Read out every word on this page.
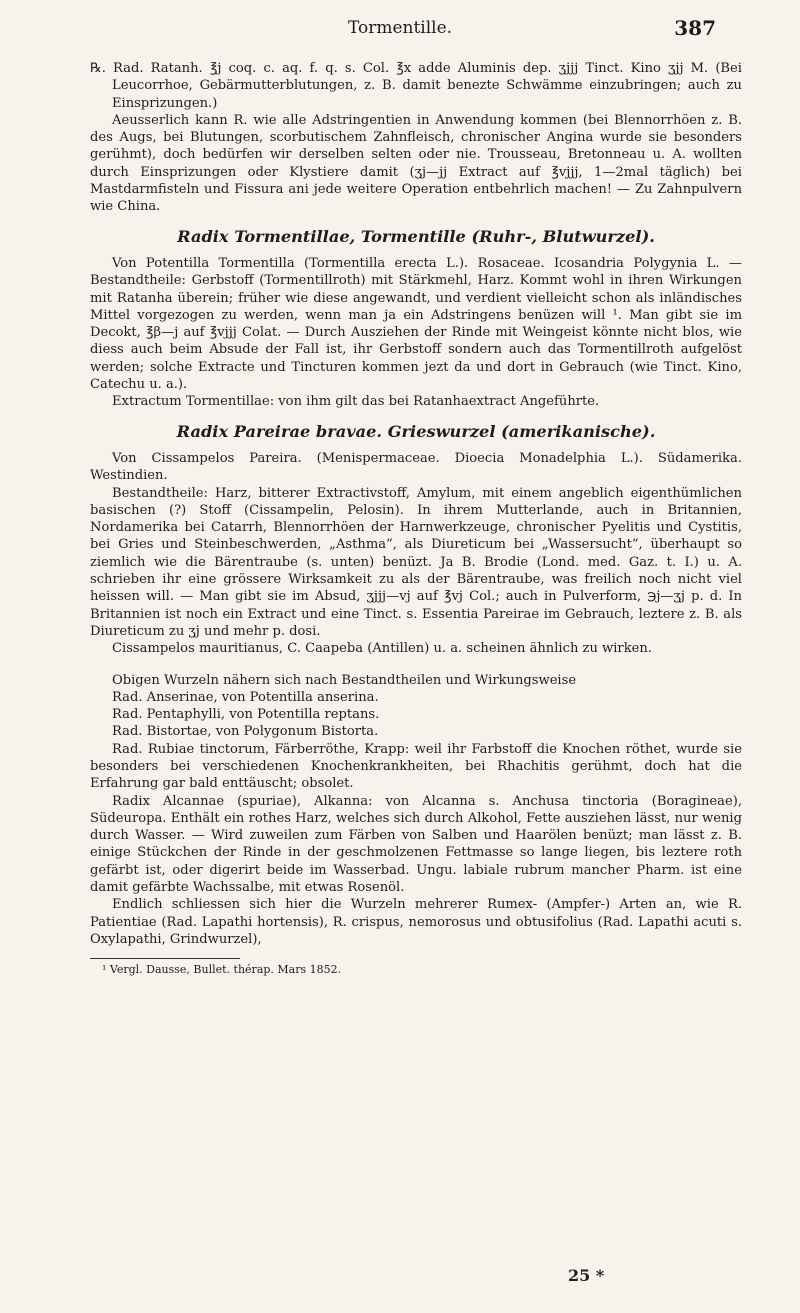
Tormentille.	387

℞. Rad. Ratanh. ℥j coq. c. aq. f. q. s. Col. ℥x adde Aluminis dep. ʒjjj Tinct. Kino ʒjj M. (Bei Leucorrhoe, Gebärmutterblutungen, z. B. damit benezte Schwämme einzubringen; auch zu Einsprizungen.)

Aeusserlich kann R. wie alle Adstringentien in Anwendung kommen (bei Blennorrhöen z. B. des Augs, bei Blutungen, scorbutischem Zahnfleisch, chronischer Angina wurde sie besonders gerühmt), doch bedürfen wir derselben selten oder nie. Trousseau, Bretonneau u. A. wollten durch Einsprizungen oder Klystiere damit (ʒj—jj Extract auf ℥vjjj, 1—2mal täglich) bei Mastdarmfisteln und Fissura ani jede weitere Operation entbehrlich machen! — Zu Zahnpulvern wie China.

Radix Tormentillae, Tormentille (Ruhr-, Blutwurzel).

Von Potentilla Tormentilla (Tormentilla erecta L.). Rosaceae. Icosandria Polygynia L. — Bestandtheile: Gerbstoff (Tormentillroth) mit Stärkmehl, Harz. Kommt wohl in ihren Wirkungen mit Ratanha überein; früher wie diese angewandt, und verdient vielleicht schon als inländisches Mittel vorgezogen zu werden, wenn man ja ein Adstringens benüzen will ¹. Man gibt sie im Decokt, ℥β—j auf ℥vjjj Colat. — Durch Ausziehen der Rinde mit Weingeist könnte nicht blos, wie diess auch beim Absude der Fall ist, ihr Gerbstoff sondern auch das Tormentillroth aufgelöst werden; solche Extracte und Tincturen kommen jezt da und dort in Gebrauch (wie Tinct. Kino, Catechu u. a.).

Extractum Tormentillae: von ihm gilt das bei Ratanhaextract Angeführte.

Radix Pareirae bravae. Grieswurzel (amerikanische).

Von Cissampelos Pareira. (Menispermaceae. Dioecia Monadelphia L.). Südamerika. Westindien.

Bestandtheile: Harz, bitterer Extractivstoff, Amylum, mit einem angeblich eigenthümlichen basischen (?) Stoff (Cissampelin, Pelosin). In ihrem Mutterlande, auch in Britannien, Nordamerika bei Catarrh, Blennorrhöen der Harnwerkzeuge, chronischer Pyelitis und Cystitis, bei Gries und Steinbeschwerden, „Asthma“, als Diureticum bei „Wassersucht“, überhaupt so ziemlich wie die Bärentraube (s. unten) benüzt. Ja B. Brodie (Lond. med. Gaz. t. I.) u. A. schrieben ihr eine grössere Wirksamkeit zu als der Bärentraube, was freilich noch nicht viel heissen will. — Man gibt sie im Absud, ʒjjj—vj auf ℥vj Col.; auch in Pulverform, ℈j—ʒj p. d. In Britannien ist noch ein Extract und eine Tinct. s. Essentia Pareirae im Gebrauch, leztere z. B. als Diureticum zu ʒj und mehr p. dosi.

Cissampelos mauritianus, C. Caapeba (Antillen) u. a. scheinen ähnlich zu wirken.

Obigen Wurzeln nähern sich nach Bestandtheilen und Wirkungsweise

Rad. Anserinae, von Potentilla anserina.

Rad. Pentaphylli, von Potentilla reptans.

Rad. Bistortae, von Polygonum Bistorta.

Rad. Rubiae tinctorum, Färberröthe, Krapp: weil ihr Farbstoff die Knochen röthet, wurde sie besonders bei verschiedenen Knochenkrankheiten, bei Rhachitis gerühmt, doch hat die Erfahrung gar bald enttäuscht; obsolet.

Radix Alcannae (spuriae), Alkanna: von Alcanna s. Anchusa tinctoria (Boragineae), Südeuropa. Enthält ein rothes Harz, welches sich durch Alkohol, Fette ausziehen lässt, nur wenig durch Wasser. — Wird zuweilen zum Färben von Salben und Haarölen benüzt; man lässt z. B. einige Stückchen der Rinde in der geschmolzenen Fettmasse so lange liegen, bis leztere roth gefärbt ist, oder digerirt beide im Wasserbad. Ungu. labiale rubrum mancher Pharm. ist eine damit gefärbte Wachssalbe, mit etwas Rosenöl.

Endlich schliessen sich hier die Wurzeln mehrerer Rumex- (Ampfer-) Arten an, wie R. Patientiae (Rad. Lapathi hortensis), R. crispus, nemorosus und obtusifolius (Rad. Lapathi acuti s. Oxylapathi, Grindwurzel),

¹ Vergl. Dausse, Bullet. thérap. Mars 1852.

25 *
